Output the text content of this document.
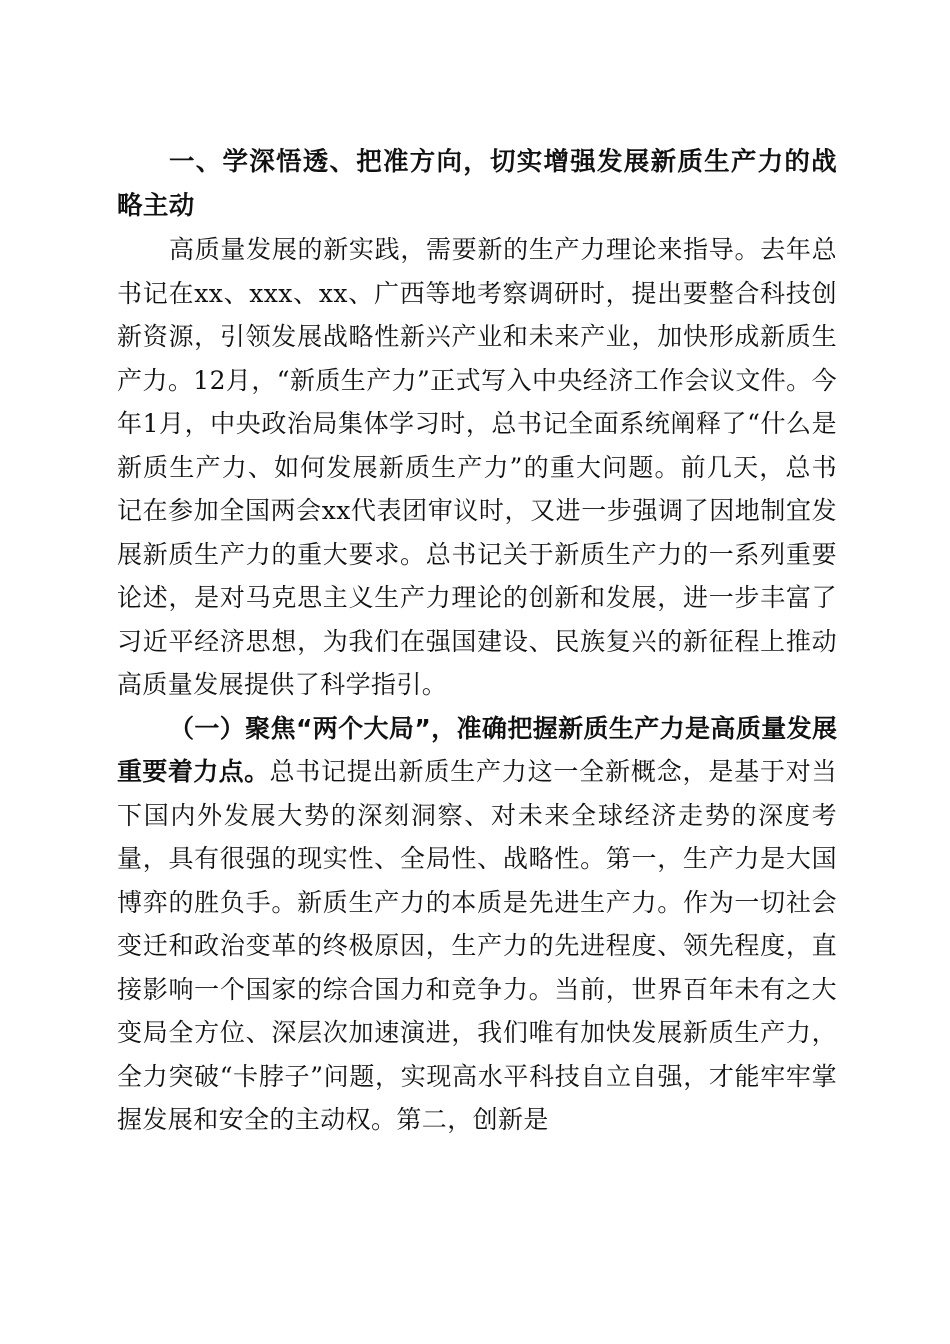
一、学深悟透、把准方向，切实增强发展新质生产力的战略主动

高质量发展的新实践，需要新的生产力理论来指导。去年总书记在xx、xxx、xx、广西等地考察调研时，提出要整合科技创新资源，引领发展战略性新兴产业和未来产业，加快形成新质生产力。12月，“新质生产力”正式写入中央经济工作会议文件。今年1月，中央政治局集体学习时，总书记全面系统阐释了“什么是新质生产力、如何发展新质生产力”的重大问题。前几天，总书记在参加全国两会xx代表团审议时，又进一步强调了因地制宜发展新质生产力的重大要求。总书记关于新质生产力的一系列重要论述，是对马克思主义生产力理论的创新和发展，进一步丰富了习近平经济思想，为我们在强国建设、民族复兴的新征程上推动高质量发展提供了科学指引。

（一）聚焦“两个大局”，准确把握新质生产力是高质量发展重要着力点。总书记提出新质生产力这一全新概念，是基于对当下国内外发展大势的深刻洞察、对未来全球经济走势的深度考量，具有很强的现实性、全局性、战略性。第一，生产力是大国博弈的胜负手。新质生产力的本质是先进生产力。作为一切社会变迁和政治变革的终极原因，生产力的先进程度、领先程度，直接影响一个国家的综合国力和竞争力。当前，世界百年未有之大变局全方位、深层次加速演进，我们唯有加快发展新质生产力，全力突破“卡脖子”问题，实现高水平科技自立自强，才能牢牢掌握发展和安全的主动权。第二，创新是
